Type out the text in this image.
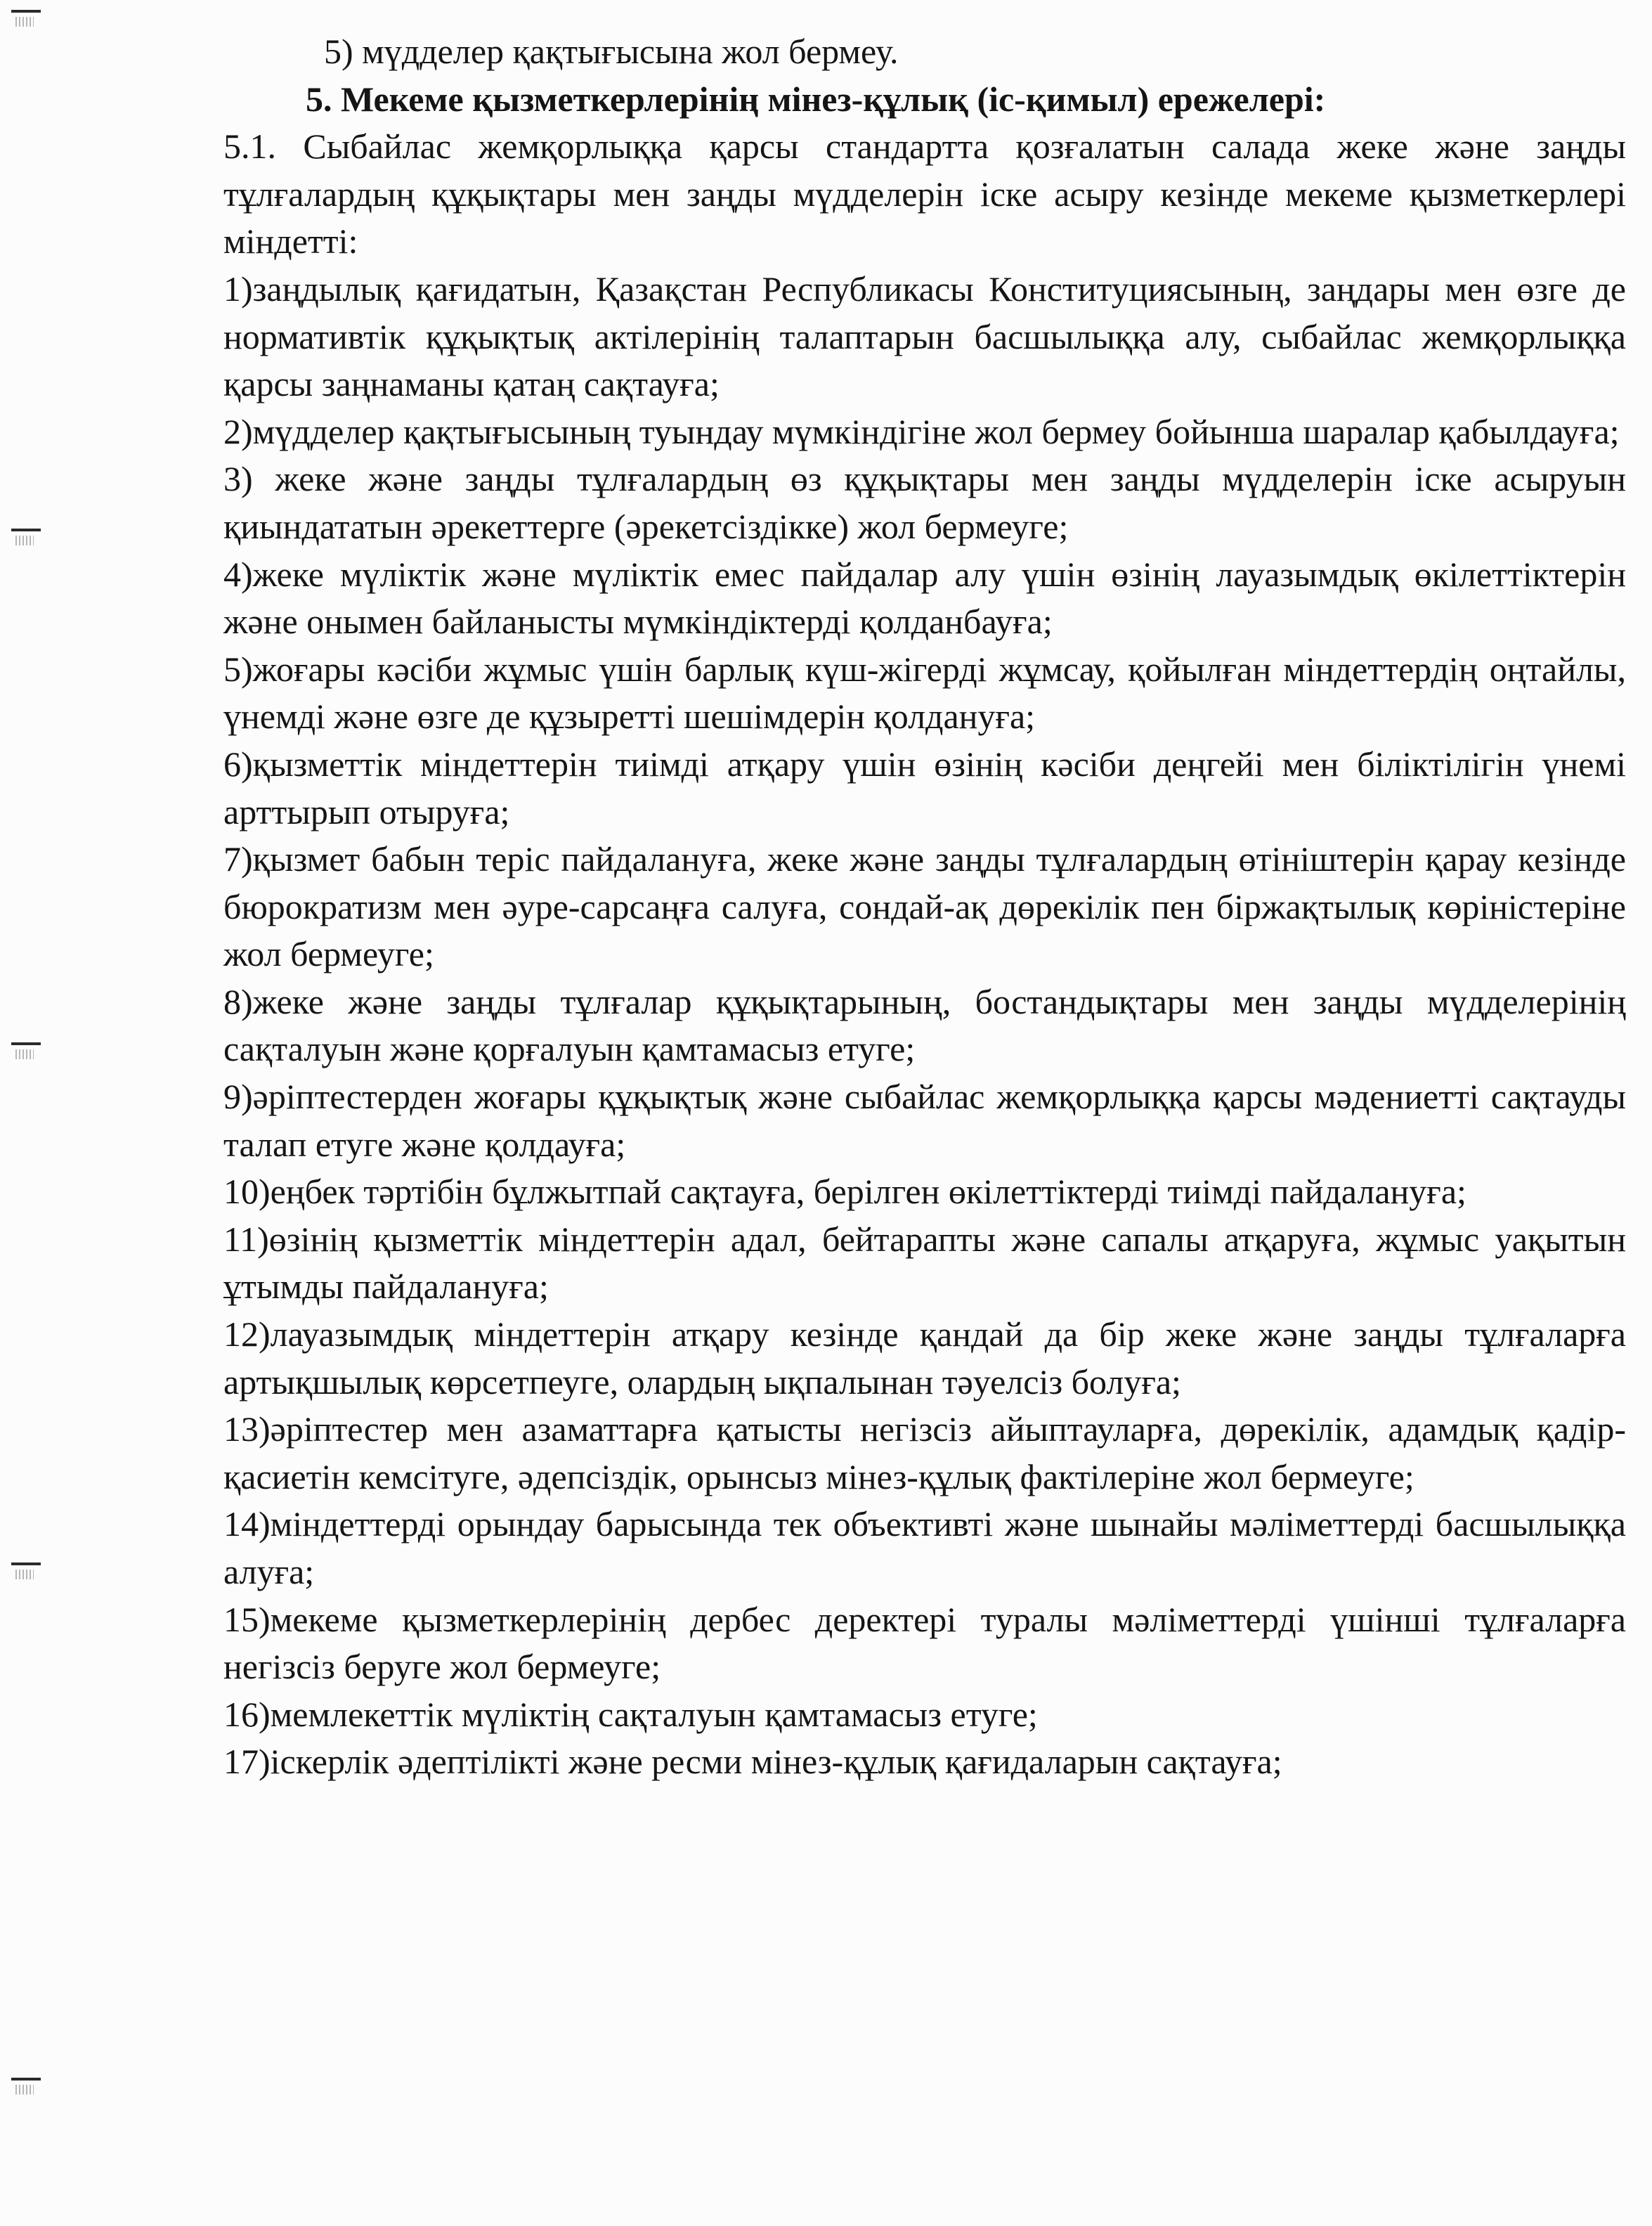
5) мүдделер қақтығысына жол бермеу.

5. Мекеме қызметкерлерінің мінез-құлық (іс-қимыл) ережелері:

5.1. Сыбайлас жемқорлыққа қарсы стандартта қозғалатын салада жеке және заңды тұлғалардың құқықтары мен заңды мүдделерін іске асыру кезінде мекеме қызметкерлері міндетті:

1)заңдылық қағидатын, Қазақстан Республикасы Конституциясының, заңдары мен өзге де нормативтік құқықтық актілерінің талаптарын басшылыққа алу, сыбайлас жемқорлыққа қарсы заңнаманы қатаң сақтауға;

2)мүдделер қақтығысының туындау мүмкіндігіне жол бермеу бойынша шаралар қабылдауға;

3) жеке және заңды тұлғалардың өз құқықтары мен заңды мүдделерін іске асыруын қиындататын әрекеттерге (әрекетсіздікке) жол бермеуге;

4)жеке мүліктік және мүліктік емес пайдалар алу үшін өзінің лауазымдық өкілеттіктерін және онымен байланысты мүмкіндіктерді қолданбауға;

5)жоғары кәсіби жұмыс үшін барлық күш-жігерді жұмсау, қойылған міндеттердің оңтайлы, үнемді және өзге де құзыретті шешімдерін қолдануға;

6)қызметтік міндеттерін тиімді атқару үшін өзінің кәсіби деңгейі мен біліктілігін үнемі арттырып отыруға;

7)қызмет бабын теріс пайдалануға, жеке және заңды тұлғалардың өтініштерін қарау кезінде бюрократизм мен әуре-сарсаңға салуға, сондай-ақ дөрекілік пен біржақтылық көріністеріне жол бермеуге;

8)жеке және заңды тұлғалар құқықтарының, бостандықтары мен заңды мүдделерінің сақталуын және қорғалуын қамтамасыз етуге;

9)әріптестерден жоғары құқықтық және сыбайлас жемқорлыққа қарсы мәдениетті сақтауды талап етуге және қолдауға;

10)еңбек тәртібін бұлжытпай сақтауға, берілген өкілеттіктерді тиімді пайдалануға;

11)өзінің қызметтік міндеттерін адал, бейтарапты және сапалы атқаруға, жұмыс уақытын ұтымды пайдалануға;

12)лауазымдық міндеттерін атқару кезінде қандай да бір жеке және заңды тұлғаларға артықшылық көрсетпеуге, олардың ықпалынан тәуелсіз болуға;

13)әріптестер мен азаматтарға қатысты негізсіз айыптауларға, дөрекілік, адамдық қадір-қасиетін кемсітуге, әдепсіздік, орынсыз мінез-құлық фактілеріне жол бермеуге;

14)міндеттерді орындау барысында тек объективті және шынайы мәліметтерді басшылыққа алуға;

15)мекеме қызметкерлерінің дербес деректері туралы мәліметтерді үшінші тұлғаларға негізсіз беруге жол бермеуге;

16)мемлекеттік мүліктің сақталуын қамтамасыз етуге;

17)іскерлік әдептілікті және ресми мінез-құлық қағидаларын сақтауға;
